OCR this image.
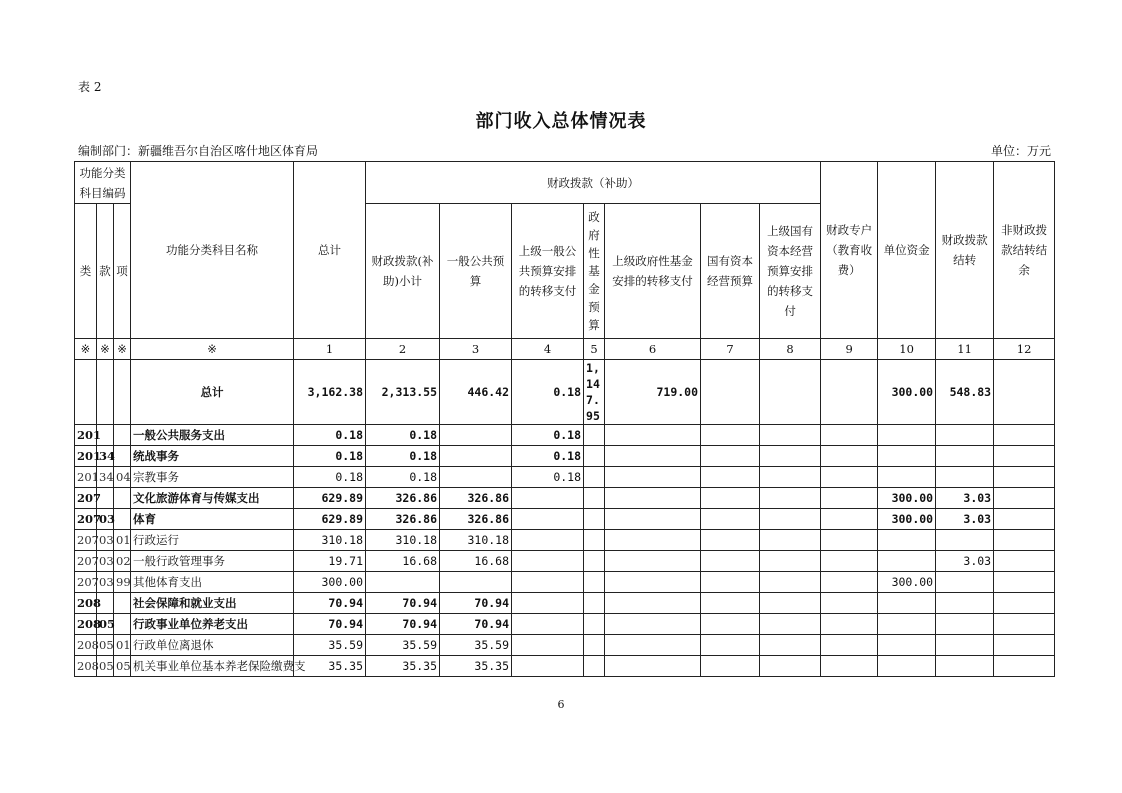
表 2
部门收入总体情况表
编制部门：新疆维吾尔自治区喀什地区体育局	单位：万元
功能分类科目编码			功能分类科目名称	总计	财政拨款（补助）							财政专户（教育收费）	单位资金	财政拨款结转	非财政拨款结转结余
类	款	项			财政拨款(补助)小计	一般公共预算	上级一般公共预算安排的转移支付	政府性基金预算	上级政府性基金安排的转移支付	国有资本经营预算	上级国有资本经营预算安排的转移支付				

※	※	※	※	1	2	3	4	5	6	7	8	9	10	11	12
			总计	3,162.38	2,313.55	446.42	0.18	1,147.95	719.00				300.00	548.83	
201			一般公共服务支出	0.18	0.18		0.18								
201	34		统战事务	0.18	0.18		0.18								
201	34	04	宗教事务	0.18	0.18		0.18								
207			文化旅游体育与传媒支出	629.89	326.86	326.86							300.00	3.03	
207	03		体育	629.89	326.86	326.86							300.00	3.03	
207	03	01	行政运行	310.18	310.18	310.18									
207	03	02	一般行政管理事务	19.71	16.68	16.68								3.03	
207	03	99	其他体育支出	300.00									300.00		
208			社会保障和就业支出	70.94	70.94	70.94									
208	05		行政事业单位养老支出	70.94	70.94	70.94									
208	05	01	行政单位离退休	35.59	35.59	35.59									
208	05	05	机关事业单位基本养老保险缴费支	35.35	35.35	35.35									
6
